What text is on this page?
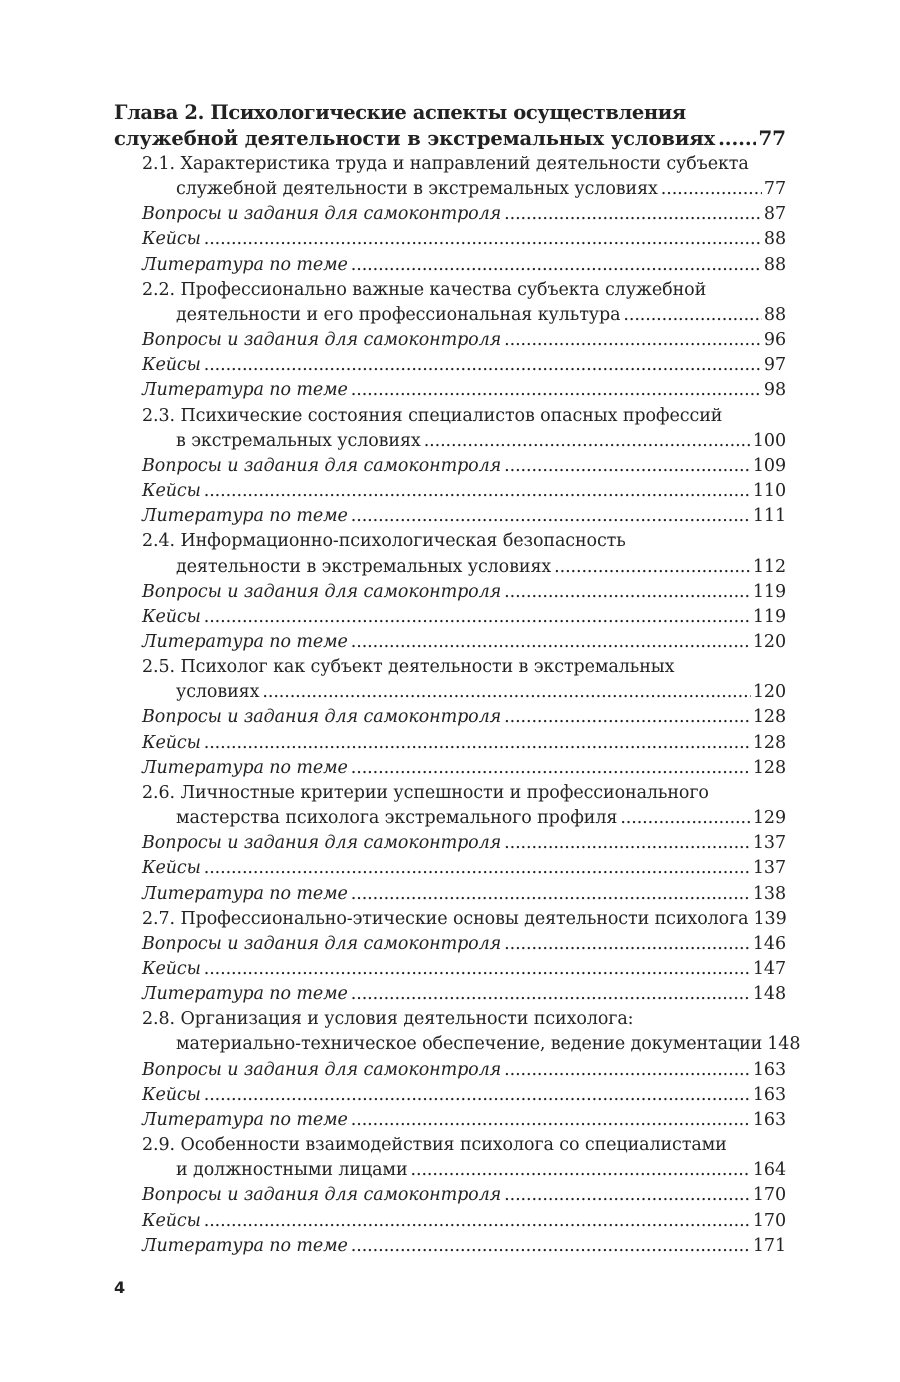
Глава 2. Психологические аспекты осуществления
служебной деятельности в экстремальных условиях ..... 77
2.1. Характеристика труда и направлений деятельности субъекта
служебной деятельности в экстремальных условиях .....	77
Вопросы и задания для самоконтроля .....	87
Кейсы .....	88
Литература по теме .....	88
2.2. Профессионально важные качества субъекта служебной
деятельности и его профессиональная культура .....	88
Вопросы и задания для самоконтроля .....	96
Кейсы .....	97
Литература по теме .....	98
2.3. Психические состояния специалистов опасных профессий
в экстремальных условиях .....	100
Вопросы и задания для самоконтроля .....	109
Кейсы .....	110
Литература по теме .....	111
2.4. Информационно-психологическая безопасность
деятельности в экстремальных условиях .....	112
Вопросы и задания для самоконтроля .....	119
Кейсы .....	119
Литература по теме .....	120
2.5. Психолог как субъект деятельности в экстремальных
условиях .....	120
Вопросы и задания для самоконтроля .....	128
Кейсы .....	128
Литература по теме .....	128
2.6. Личностные критерии успешности и профессионального
мастерства психолога экстремального профиля .....	129
Вопросы и задания для самоконтроля .....	137
Кейсы .....	137
Литература по теме .....	138
2.7. Профессионально-этические основы деятельности психолога 139
Вопросы и задания для самоконтроля .....	146
Кейсы .....	147
Литература по теме .....	148
2.8. Организация и условия деятельности психолога:
материально-техническое обеспечение, ведение документации 148
Вопросы и задания для самоконтроля .....	163
Кейсы .....	163
Литература по теме .....	163
2.9. Особенности взаимодействия психолога со специалистами
и должностными лицами .....	164
Вопросы и задания для самоконтроля .....	170
Кейсы .....	170
Литература по теме .....	171
4
